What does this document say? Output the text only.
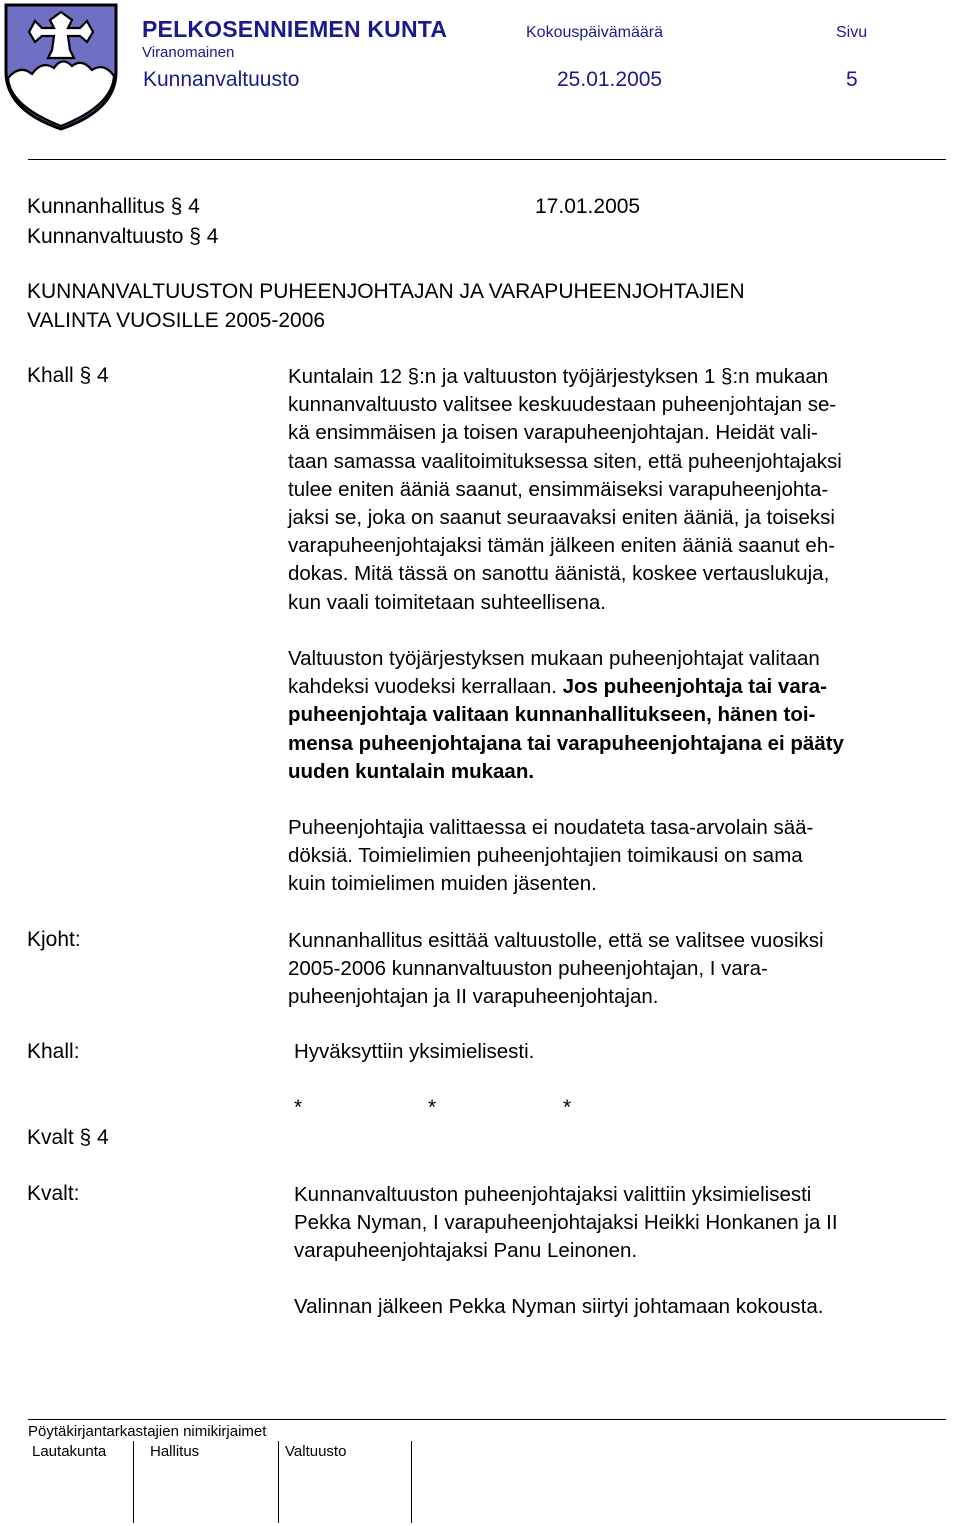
PELKOSENNIEMEN KUNTA
Viranomainen
Kokouspäivämäärä	Sivu
Kunnanvaltuusto	25.01.2005	5
Kunnanhallitus § 4	17.01.2005
Kunnanvaltuusto § 4
KUNNANVALTUUSTON PUHEENJOHTAJAN JA VARAPUHEENJOHTAJIEN
VALINTA VUOSILLE 2005-2006
Khall § 4	Kuntalain 12 §:n ja valtuuston työjärjestyksen 1 §:n mukaan

kunnanvaltuusto valitsee keskuudestaan puheenjohtajan se-

kä ensimmäisen ja toisen varapuheenjohtajan. Heidät vali-

taan samassa vaalitoimituksessa siten, että puheenjohtajaksi

tulee eniten ääniä saanut, ensimmäiseksi varapuheenjohta-

jaksi se, joka on saanut seuraavaksi eniten ääniä, ja toiseksi

varapuheenjohtajaksi tämän jälkeen eniten ääniä saanut eh-

dokas. Mitä tässä on sanottu äänistä, koskee vertauslukuja,

kun vaali toimitetaan suhteellisena.

Valtuuston työjärjestyksen mukaan puheenjohtajat valitaan

kahdeksi vuodeksi kerrallaan. Jos puheenjohtaja tai vara-

puheenjohtaja valitaan kunnanhallitukseen, hänen toi-

mensa puheenjohtajana tai varapuheenjohtajana ei pääty

uuden kuntalain mukaan.

Puheenjohtajia valittaessa ei noudateta tasa-arvolain sää-

döksiä. Toimielimien puheenjohtajien toimikausi on sama

kuin toimielimen muiden jäsenten.

Kjoht:	Kunnanhallitus esittää valtuustolle, että se valitsee vuosiksi

2005-2006 kunnanvaltuuston puheenjohtajan, I vara-

puheenjohtajan ja II varapuheenjohtajan.

Khall:	Hyväksyttiin yksimielisesti.
*	*	*
Kvalt § 4
Kvalt:	Kunnanvaltuuston puheenjohtajaksi valittiin yksimielisesti

Pekka Nyman, I varapuheenjohtajaksi Heikki Honkanen ja II

varapuheenjohtajaksi Panu Leinonen.

Valinnan jälkeen Pekka Nyman siirtyi johtamaan kokousta.
Pöytäkirjantarkastajien nimikirjaimet
Lautakunta	Hallitus	Valtuusto
